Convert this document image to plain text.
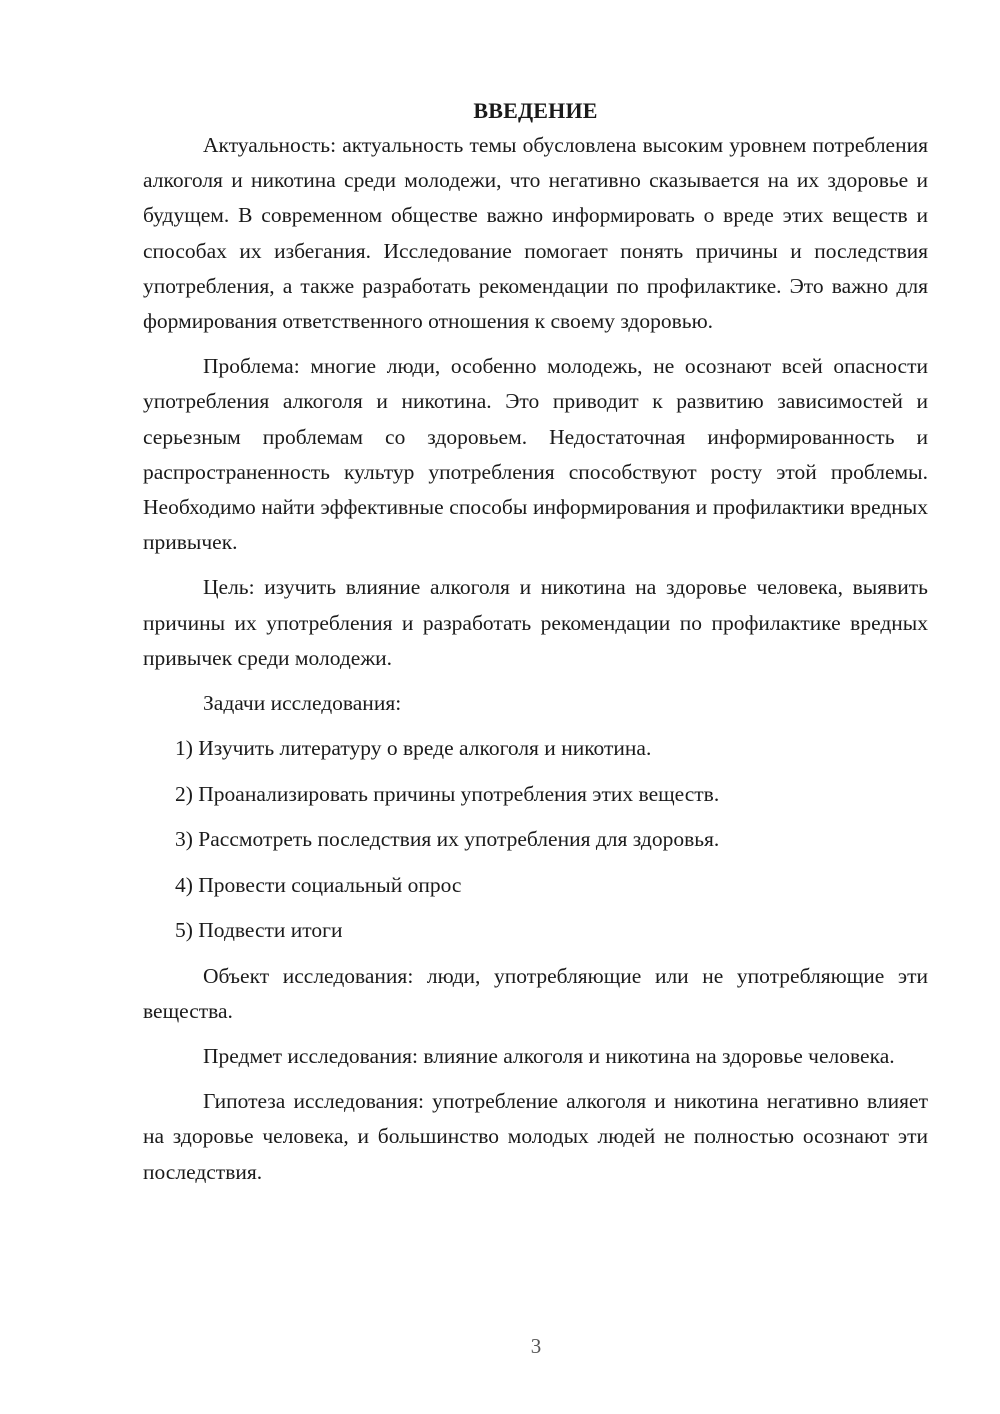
ВВЕДЕНИЕ

Актуальность: актуальность темы обусловлена высоким уровнем потребления алкоголя и никотина среди молодежи, что негативно сказывается на их здоровье и будущем. В современном обществе важно информировать о вреде этих веществ и способах их избегания. Исследование помогает понять причины и последствия употребления, а также разработать рекомендации по профилактике. Это важно для формирования ответственного отношения к своему здоровью.

Проблема: многие люди, особенно молодежь, не осознают всей опасности употребления алкоголя и никотина. Это приводит к развитию зависимостей и серьезным проблемам со здоровьем. Недостаточная информированность и распространенность культур употребления способствуют росту этой проблемы. Необходимо найти эффективные способы информирования и профилактики вредных привычек.

Цель: изучить влияние алкоголя и никотина на здоровье человека, выявить причины их употребления и разработать рекомендации по профилактике вредных привычек среди молодежи.

Задачи исследования:

1) Изучить литературу о вреде алкоголя и никотина.
2) Проанализировать причины употребления этих веществ.
3) Рассмотреть последствия их употребления для здоровья.
4) Провести социальный опрос
5) Подвести итоги

Объект исследования: люди, употребляющие или не употребляющие эти вещества.

Предмет исследования: влияние алкоголя и никотина на здоровье человека.

Гипотеза исследования: употребление алкоголя и никотина негативно влияет на здоровье человека, и большинство молодых людей не полностью осознают эти последствия.

3
